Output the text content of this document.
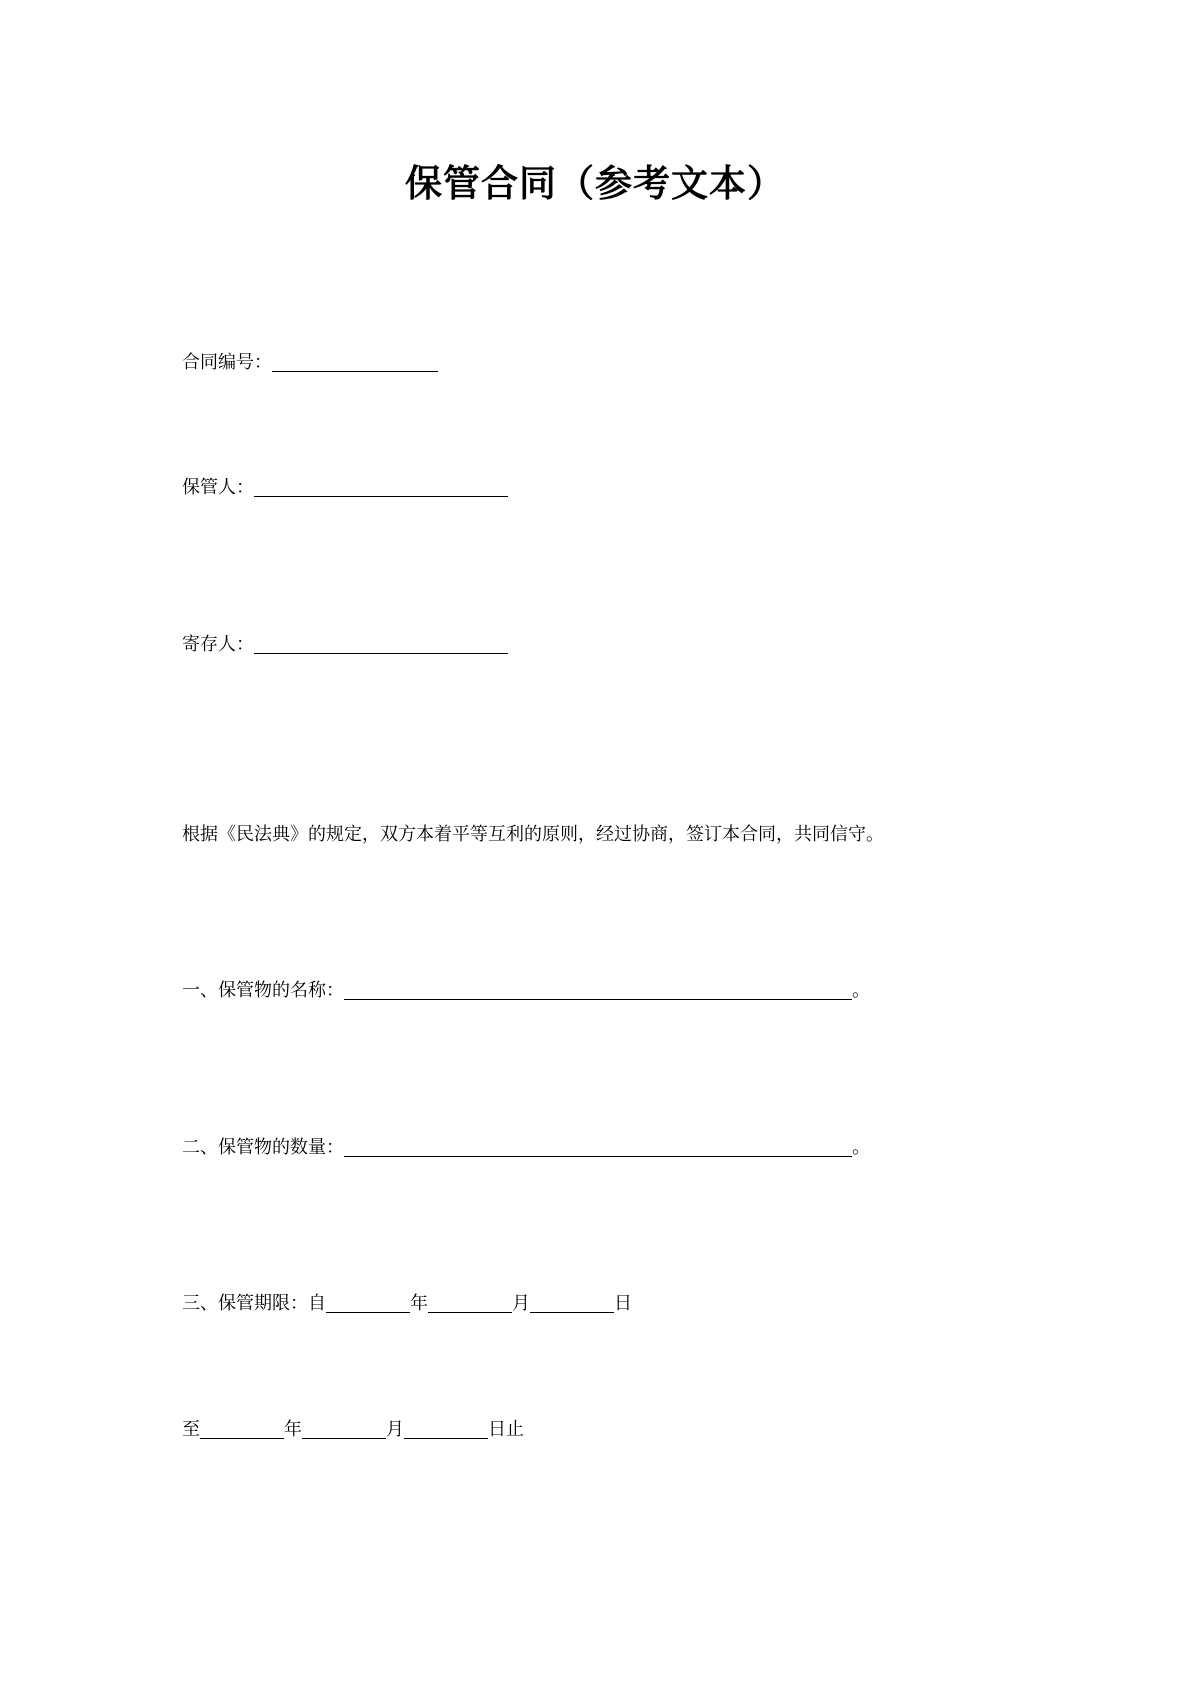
保管合同（参考文本）
合同编号：
保管人：
寄存人：
根据《民法典》的规定，双方本着平等互利的原则，经过协商，签订本合同，共同信守。
一、保管物的名称：	。
二、保管物的数量：	。
三、保管期限： 自	年	月	日
至	年	月	日止
